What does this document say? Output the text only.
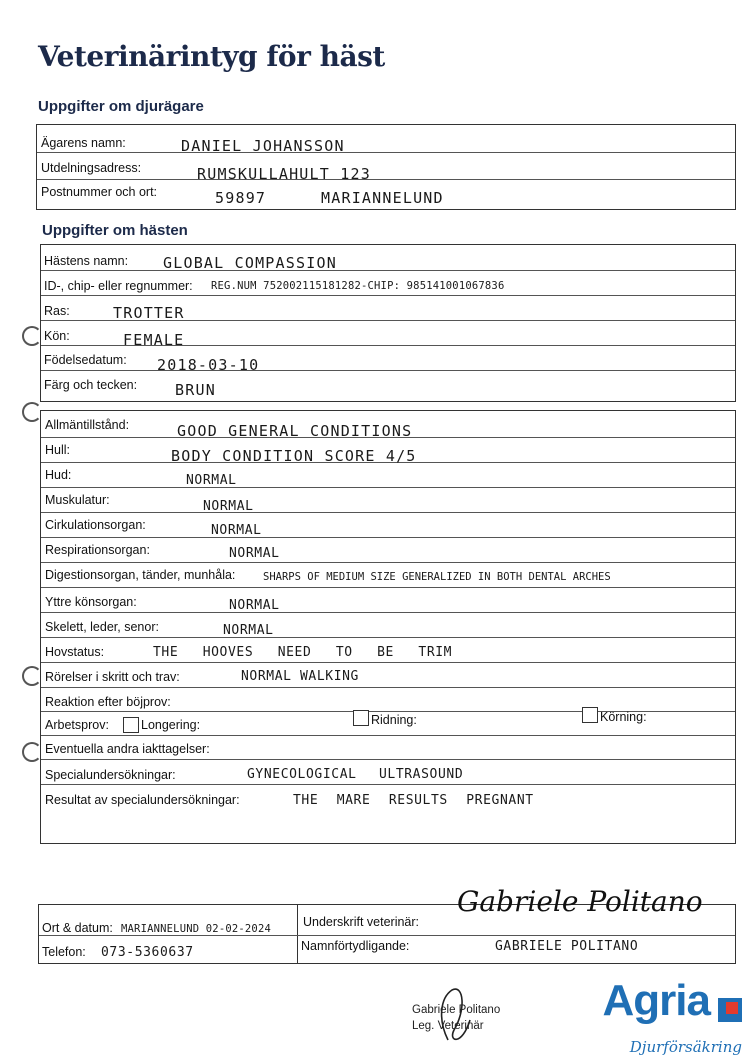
Veterinärintyg för häst
Uppgifter om djurägare
Ägarens namn:	DANIEL JOHANSSON
Utdelningsadress:	RUMSKULLAHULT 123
Postnummer och ort:	59897	MARIANNELUND
Uppgifter om hästen
Hästens namn: GLOBAL COMPASSION
ID-, chip- eller regnummer: REG.NUM 752002115181282-CHIP: 985141001067836
Ras:	TROTTER
Kön:	FEMALE
Födelsedatum: 2018-03-10
Färg och tecken:	BRUN
Allmäntillstånd:	GOOD GENERAL CONDITIONS
Hull:	BODY CONDITION SCORE 4/5
Hud:	NORMAL
Muskulatur:	NORMAL
Cirkulationsorgan:	NORMAL
Respirationsorgan:	NORMAL
Digestionsorgan, tänder, munhåla:	SHARPS OF MEDIUM SIZE GENERALIZED IN BOTH DENTAL ARCHES
Yttre könsorgan:	NORMAL
Skelett, leder, senor:	NORMAL
Hovstatus:	THE HOOVES NEED TO BE TRIM
Rörelser i skritt och trav:	NORMAL WALKING
Reaktion efter böjprov:
Arbetsprov:	Longering:	Ridning:	Körning:
Eventuella andra iakttagelser:
Specialundersökningar:	GYNECOLOGICAL ULTRASOUND
Resultat av specialundersökningar:	THE MARE RESULTS PREGNANT
Ort & datum: MARIANNELUND 02-02-2024
Telefon: 073-5360637
Underskrift veterinär:
Gabriele Politano
Namnförtydligande:	GABRIELE POLITANO
Gabriele Politano
Leg. Veterinär
Agria
Djurförsäkring
